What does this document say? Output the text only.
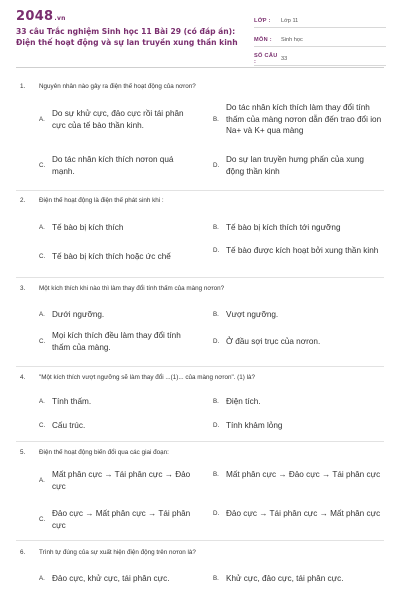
2048.vn
33 câu Trắc nghiệm Sinh học 11 Bài 29 (có đáp án): Điện thế hoạt động và sự lan truyền xung thần kinh
LỚP :	Lớp 11
MÔN :	Sinh học
SỐ CÂU :	33
1.	Nguyên nhân nào gây ra điện thế hoạt động của nơron?
A.
Do sự khử cực, đảo cực rồi tái phân cực của tế bào thần kinh.
B.
Do tác nhân kích thích làm thay đổi tính thấm của màng nơron dẫn đến trao đổi ion Na+ và K+ qua màng
C.
Do tác nhân kích thích nơron quá mạnh.
D.
Do sự lan truyền hưng phấn của xung động thần kinh
2.	Điện thế hoạt động là điện thế phát sinh khi :
A. Tế bào bị kích thích	B. Tế bào bị kích thích tới ngưỡng
C. Tế bào bị kích thích hoặc ức chế
D. Tế bào được kích hoạt bởi xung thần kinh
3.	Một kích thích khi nào thì làm thay đổi tính thấm của màng nơron?
A. Dưới ngưỡng.	B. Vượt ngưỡng.
C.
Mọi kích thích đều làm thay đổi tính thấm của màng.
D. Ở đầu sợi trục của nơron.
4.	"Một kích thích vượt ngưỡng sẽ làm thay đổi ...(1)... của màng nơron". (1) là?
A. Tính thấm.	B. Điện tích.
C. Cấu trúc.	D. Tính khảm lỏng
5.	Điện thế hoạt động biến đổi qua các giai đoạn:
A.
Mất phân cực → Tái phân cực → Đảo cực
B. Mất phân cực → Đảo cực → Tái phân cực
C.
Đảo cực → Mất phân cực → Tái phân cực
D. Đảo cực → Tái phân cực → Mất phân cực
6.	Trình tự đúng của sự xuất hiện điện động trên nơron là?
A. Đảo cực, khử cực, tái phân cực.	B. Khử cực, đảo cực, tái phân cực.
